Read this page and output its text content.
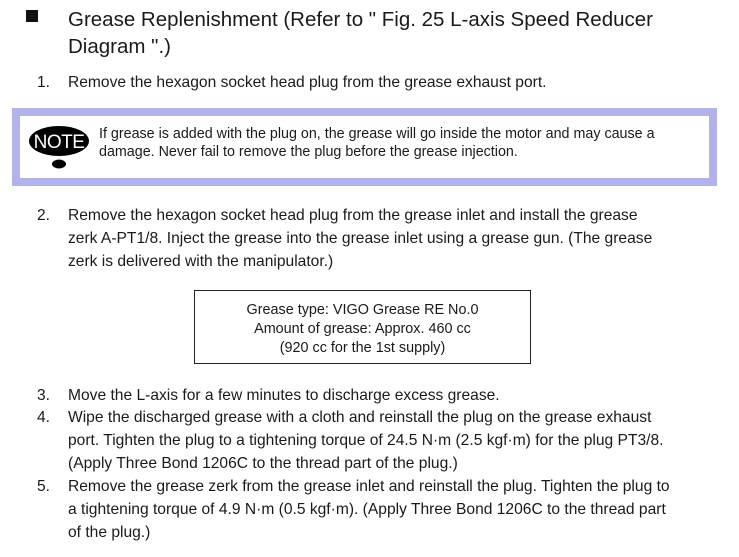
Grease Replenishment (Refer to " Fig. 25 L-axis Speed Reducer
Diagram ".)
1.	Remove the hexagon socket head plug from the grease exhaust port.
NOTE If grease is added with the plug on, the grease will go inside the motor and may cause a
damage. Never fail to remove the plug before the grease injection.
2.	Remove the hexagon socket head plug from the grease inlet and install the grease
zerk A-PT1/8. Inject the grease into the grease inlet using a grease gun. (The grease
zerk is delivered with the manipulator.)
Grease type: VIGO Grease RE No.0
Amount of grease: Approx. 460 cc
(920 cc for the 1st supply)
3.	Move the L-axis for a few minutes to discharge excess grease.
4.	Wipe the discharged grease with a cloth and reinstall the plug on the grease exhaust
port. Tighten the plug to a tightening torque of 24.5 N·m (2.5 kgf·m) for the plug PT3/8.
(Apply Three Bond 1206C to the thread part of the plug.)
5.	Remove the grease zerk from the grease inlet and reinstall the plug. Tighten the plug to
a tightening torque of 4.9 N·m (0.5 kgf·m). (Apply Three Bond 1206C to the thread part
of the plug.)
